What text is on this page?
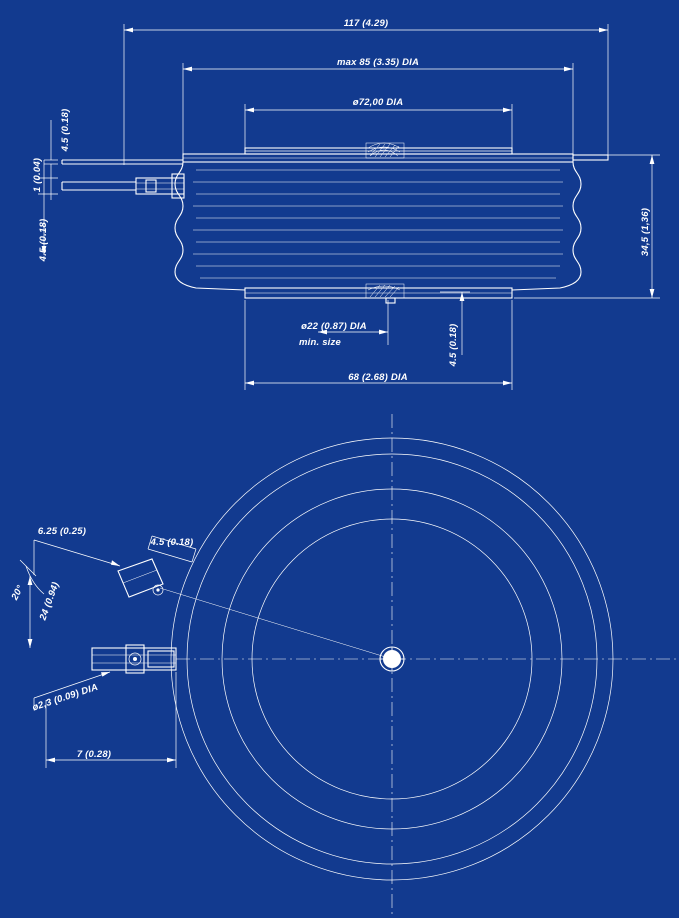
117 (4.29)
max 85 (3.35) DIA
ø72,00 DIA
1 (0.04)
4.5 (0.18)
4.5 (0.18)	34,5 (1,36)
ø22 (0.87) DIA
min. size	4.5 (0.18)
68 (2.68) DIA
6.25 (0.25)
4.5 (0.18)
20° 24 (0.94)
ø2,3 (0.09) DIA
7 (0.28)
